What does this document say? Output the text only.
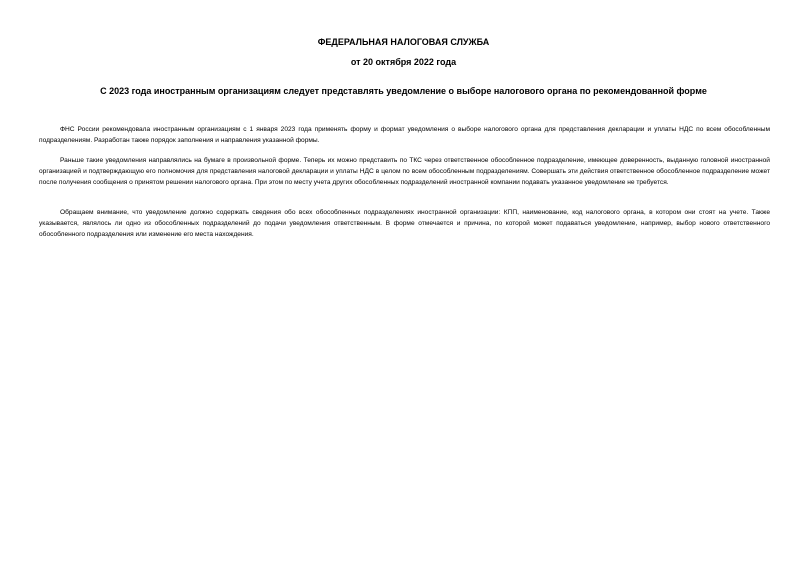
ФЕДЕРАЛЬНАЯ НАЛОГОВАЯ СЛУЖБА
от 20 октября 2022 года
С 2023 года иностранным организациям следует представлять уведомление о выборе налогового органа по рекомендованной форме

ФНС России рекомендовала иностранным организациям с 1 января 2023 года применять форму и формат уведомления о выборе налогового органа для представления декларации и уплаты НДС по всем обособленным подразделениям. Разработан также порядок заполнения и направления указанной формы.

Раньше такие уведомления направлялись на бумаге в произвольной форме. Теперь их можно представить по ТКС через ответственное обособленное подразделение, имеющее доверенность, выданную головной иностранной организацией и подтверждающую его полномочия для представления налоговой декларации и уплаты НДС в целом по всем обособленным подразделениям. Совершать эти действия ответственное обособленное подразделение может после получения сообщения о принятом решении налогового органа. При этом по месту учета других обособленных подразделений иностранной компании подавать указанное уведомление не требуется.

Обращаем внимание, что уведомление должно содержать сведения обо всех обособленных подразделениях иностранной организации: КПП, наименование, код налогового органа, в котором они стоят на учете. Также указывается, являлось ли одно из обособленных подразделений до подачи уведомления ответственным. В форме отмечается и причина, по которой может подаваться уведомление, например, выбор нового ответственного обособленного подразделения или изменение его места нахождения.
